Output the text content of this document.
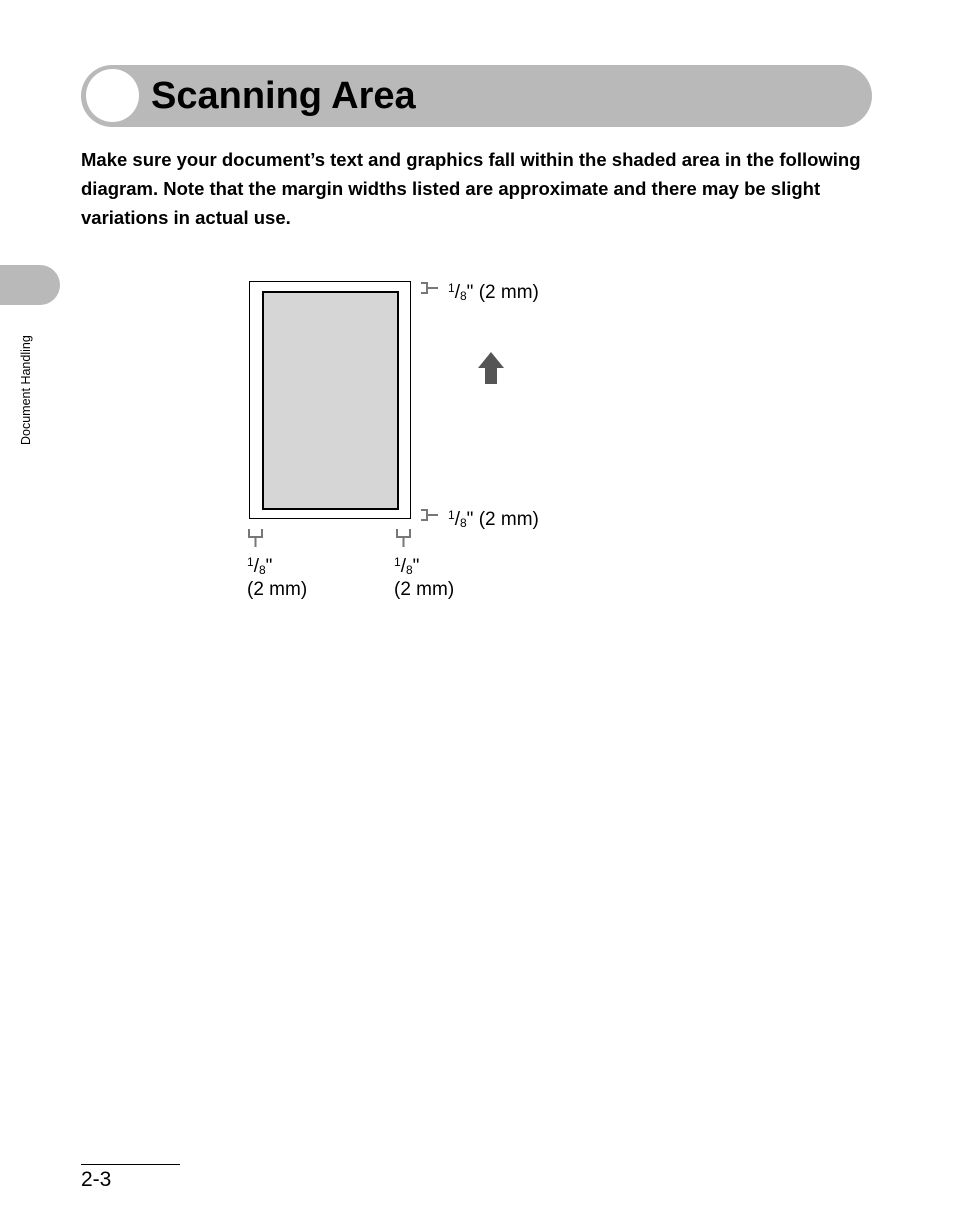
Scanning Area

Make sure your document’s text and graphics fall within the shaded area in the following diagram. Note that the margin widths listed are approximate and there may be slight variations in actual use.

Document Handling
$^1/_8$" (2 mm)
$^1/_8$" (2 mm)
$^1/_8$"
(2 mm)
$^1/_8$"
(2 mm)
2-3
